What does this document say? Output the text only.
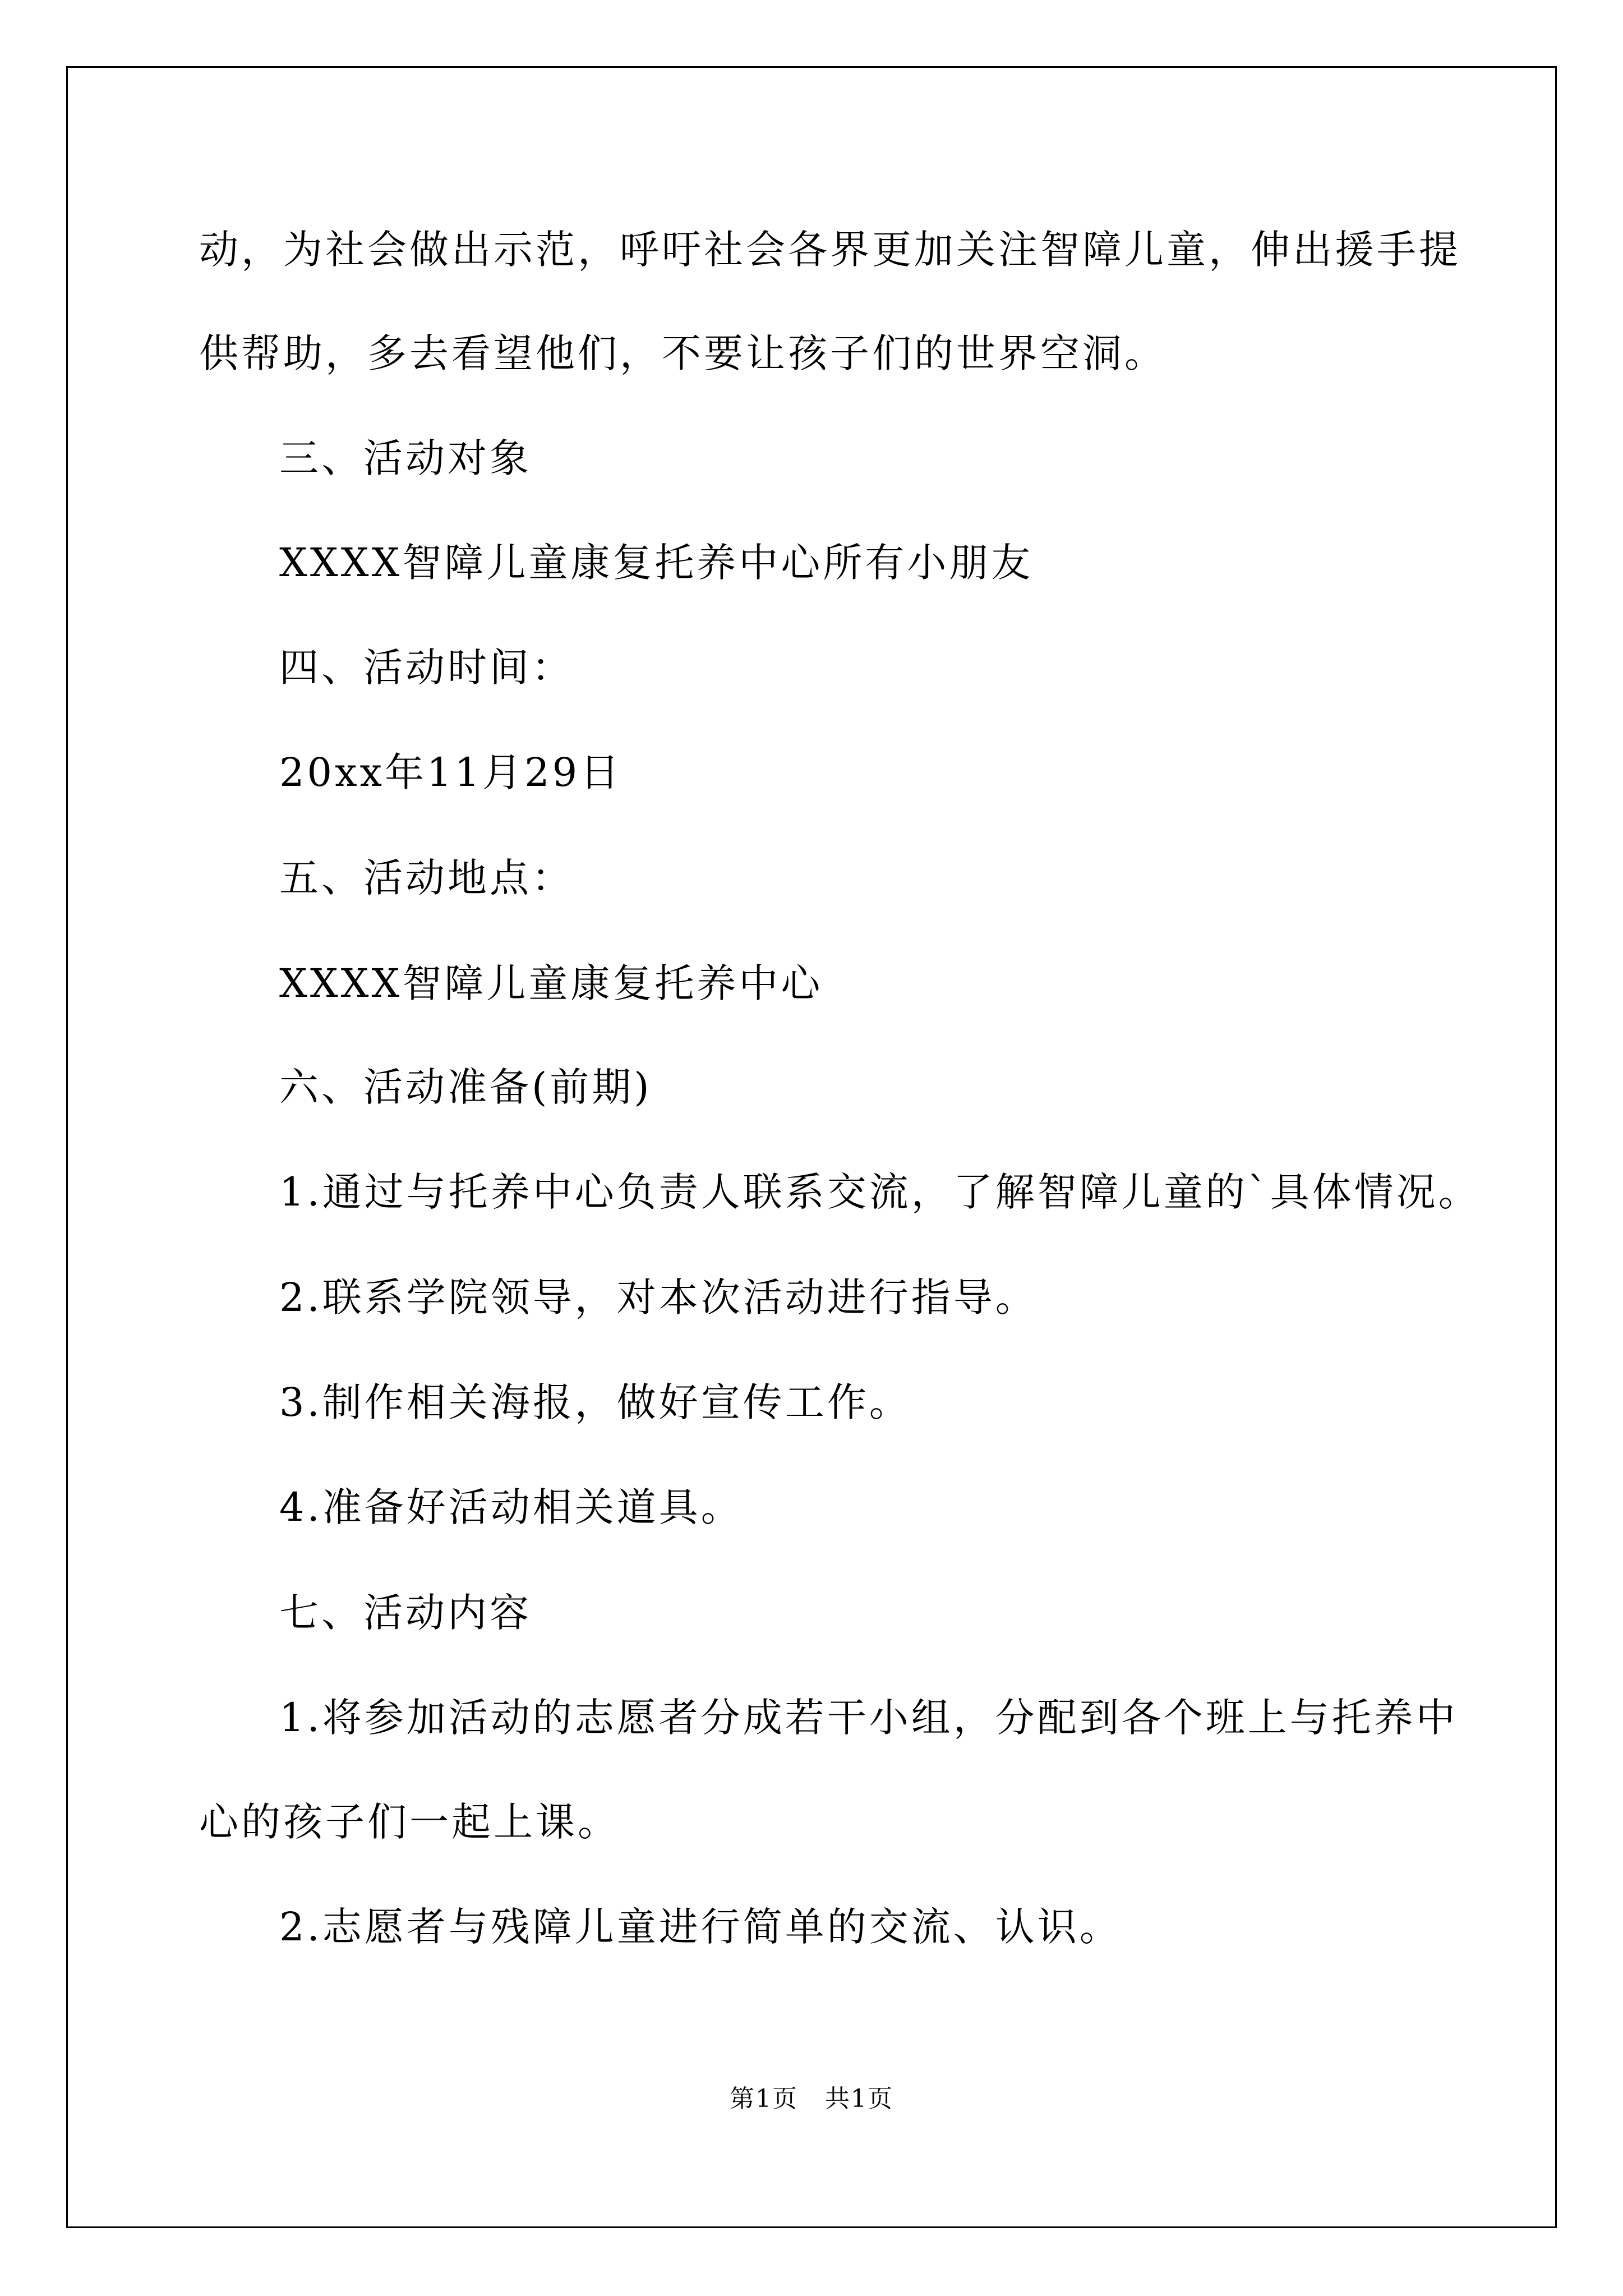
动，为社会做出示范，呼吁社会各界更加关注智障儿童，伸出援手提

供帮助，多去看望他们，不要让孩子们的世界空洞。

三、活动对象

XXXX智障儿童康复托养中心所有小朋友

四、活动时间：

20xx年11月29日

五、活动地点：

XXXX智障儿童康复托养中心

六、活动准备(前期)

1.通过与托养中心负责人联系交流，了解智障儿童的`具体情况。

2.联系学院领导，对本次活动进行指导。

3.制作相关海报，做好宣传工作。

4.准备好活动相关道具。

七、活动内容

1.将参加活动的志愿者分成若干小组，分配到各个班上与托养中

心的孩子们一起上课。

2.志愿者与残障儿童进行简单的交流、认识。

第1页   共1页
